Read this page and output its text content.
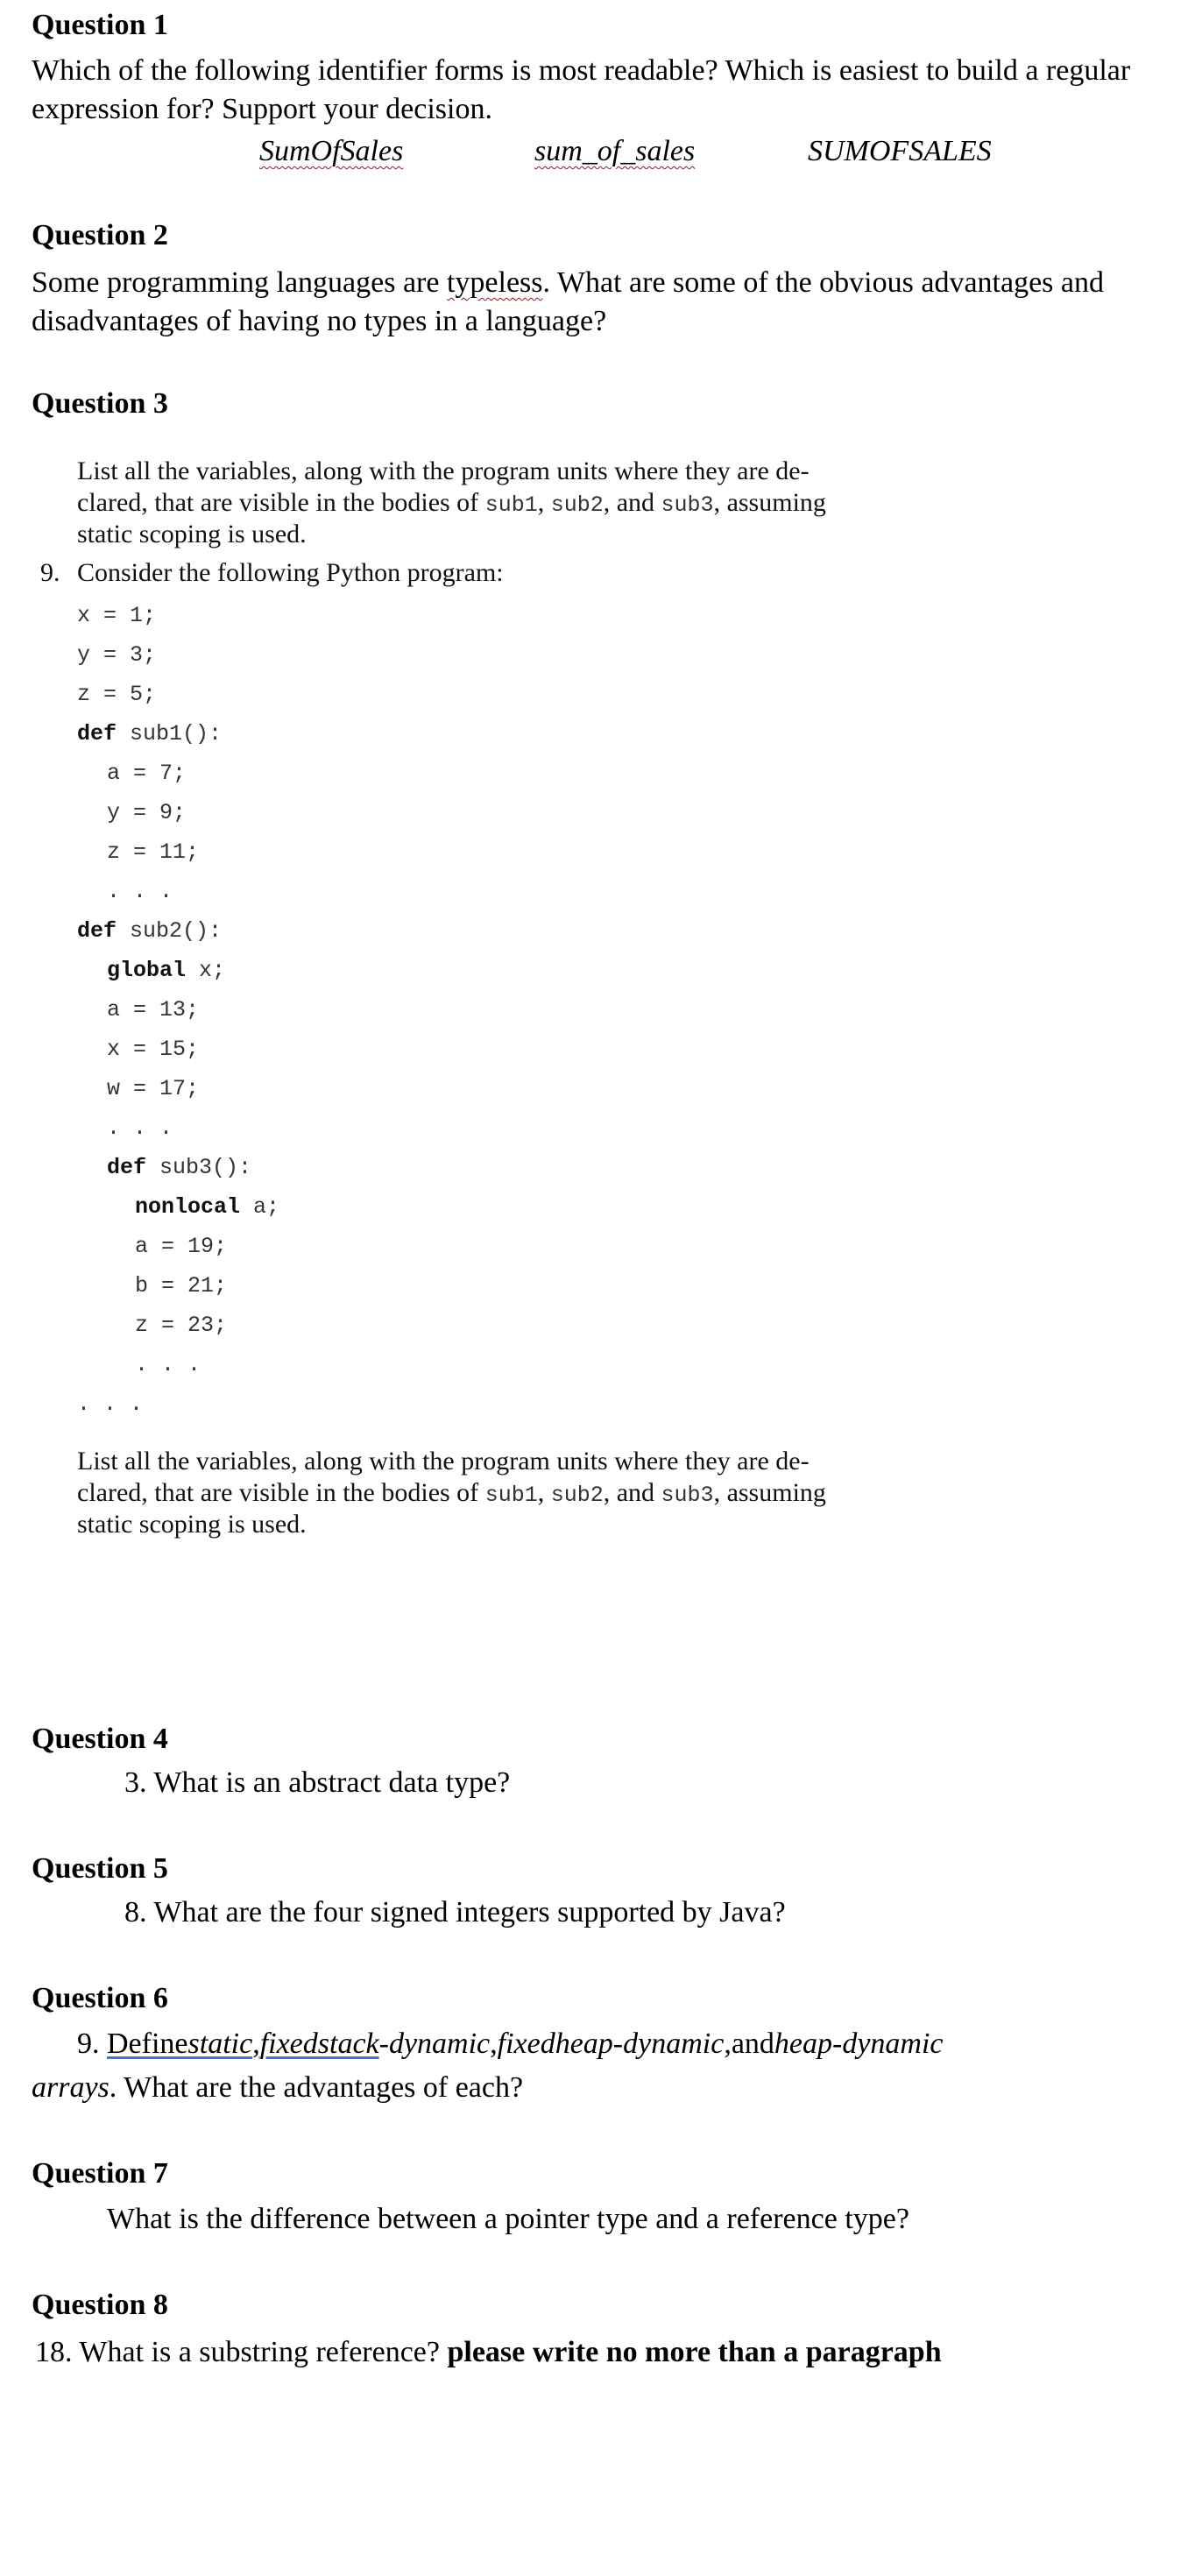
Question 1
Which of the following identifier forms is most readable? Which is easiest to build a regular
expression for? Support your decision.
SumOfSales	sum_of_sales	SUMOFSALES
Question 2
Some programming languages are typeless. What are some of the obvious advantages and
disadvantages of having no types in a language?
Question 3
List all the variables, along with the program units where they are de-
clared, that are visible in the bodies of sub1, sub2, and sub3, assuming
static scoping is used.
9. Consider the following Python program:
x = 1;
y = 3;
z = 5;
def sub1():
a = 7;
y = 9;
z = 11;
. . .
def sub2():
global x;
a = 13;
x = 15;
w = 17;
. . .
def sub3():
nonlocal a;
a = 19;
b = 21;
z = 23;
. . .
. . .
List all the variables, along with the program units where they are de-
clared, that are visible in the bodies of sub1, sub2, and sub3, assuming
static scoping is used.
Question 4
3. What is an abstract data type?
Question 5
8. What are the four signed integers supported by Java?
Question 6
9. Definestatic,fixedstack-dynamic,fixedheap-dynamic,andheap-dynamic
arrays. What are the advantages of each?
Question 7
What is the difference between a pointer type and a reference type?
Question 8
18. What is a substring reference? please write no more than a paragraph
